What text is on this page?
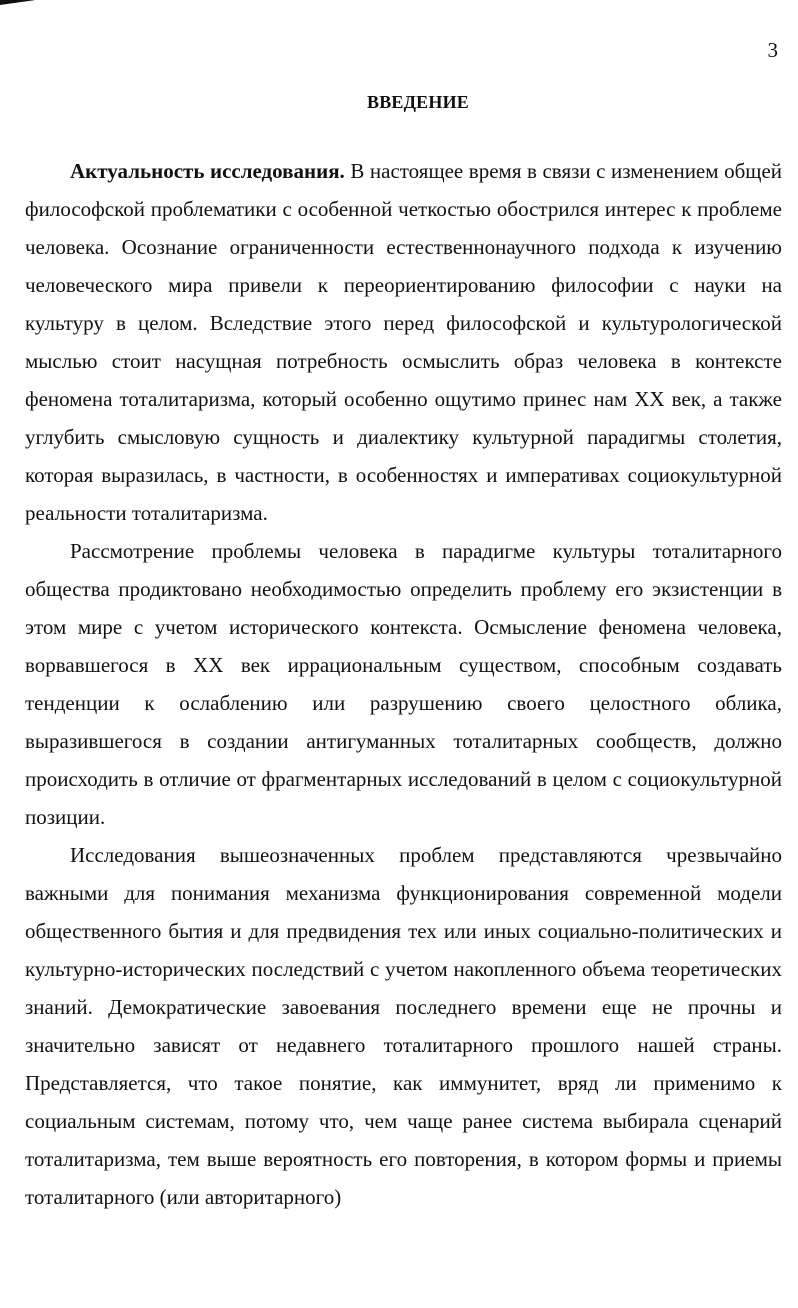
3
ВВЕДЕНИЕ

Актуальность исследования. В настоящее время в связи с изменением общей философской проблематики с особенной четкостью обострился интерес к проблеме человека. Осознание ограниченности естественнонаучного подхода к изучению человеческого мира привели к переориентированию философии с науки на культуру в целом. Вследствие этого перед философской и культурологической мыслью стоит насущная потребность осмыслить образ человека в контексте феномена тоталитаризма, который особенно ощутимо принес нам XX век, а также углубить смысловую сущность и диалектику культурной парадигмы столетия, которая выразилась, в частности, в особенностях и императивах социокультурной реальности тоталитаризма.

Рассмотрение проблемы человека в парадигме культуры тоталитарного общества продиктовано необходимостью определить проблему его экзистенции в этом мире с учетом исторического контекста. Осмысление феномена человека, ворвавшегося в XX век иррациональным существом, способным создавать тенденции к ослаблению или разрушению своего целостного облика, выразившегося в создании антигуманных тоталитарных сообществ, должно происходить в отличие от фрагментарных исследований в целом с социокультурной позиции.

Исследования вышеозначенных проблем представляются чрезвычайно важными для понимания механизма функционирования современной модели общественного бытия и для предвидения тех или иных социально-политических и культурно-исторических последствий с учетом накопленного объема теоретических знаний. Демократические завоевания последнего времени еще не прочны и значительно зависят от недавнего тоталитарного прошлого нашей страны. Представляется, что такое понятие, как иммунитет, вряд ли применимо к социальным системам, потому что, чем чаще ранее система выбирала сценарий тоталитаризма, тем выше вероятность его повторения, в котором формы и приемы тоталитарного (или авторитарного)
